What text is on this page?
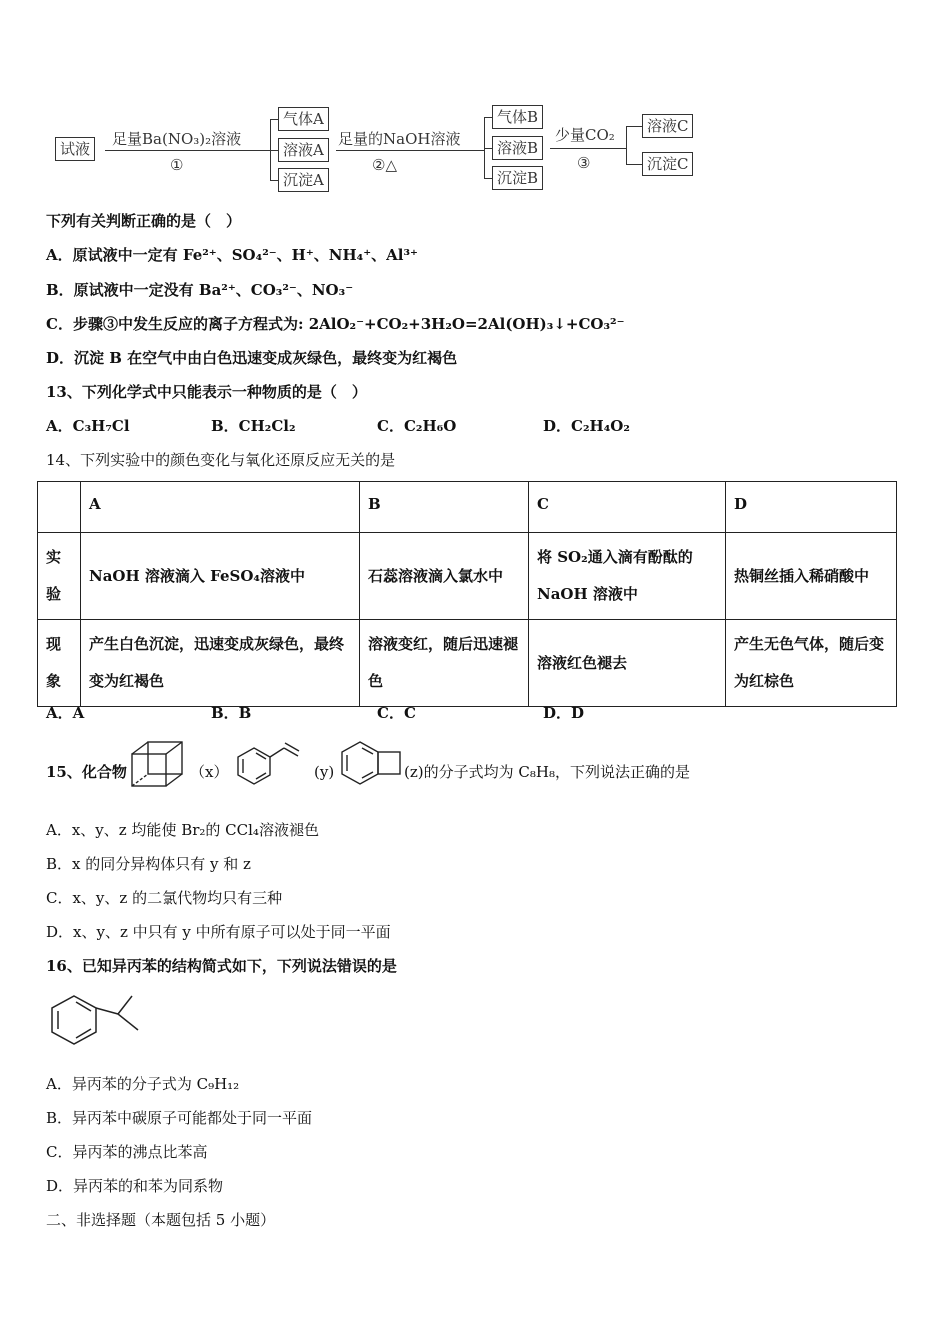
试液
足量Ba(NO₃)₂溶液
①
气体A
溶液A
沉淀A
足量的NaOH溶液
②△
气体B
溶液B
沉淀B
少量CO₂
③
溶液C
沉淀C
下列有关判断正确的是（　）
A．原试液中一定有 Fe²⁺、SO₄²⁻、H⁺、NH₄⁺、Al³⁺
B．原试液中一定没有 Ba²⁺、CO₃²⁻、NO₃⁻
C．步骤③中发生反应的离子方程式为: 2AlO₂⁻+CO₂+3H₂O=2Al(OH)₃↓+CO₃²⁻
D．沉淀 B 在空气中由白色迅速变成灰绿色，最终变为红褐色
13、下列化学式中只能表示一种物质的是（　）
A．C₃H₇Cl	B．CH₂Cl₂	C．C₂H₆O	D．C₂H₄O₂
14、下列实验中的颜色变化与氧化还原反应无关的是
	A	B	C	D
实验	NaOH 溶液滴入 FeSO₄溶液中	石蕊溶液滴入氯水中	将 SO₂通入滴有酚酞的NaOH 溶液中	热铜丝插入稀硝酸中
现象	产生白色沉淀，迅速变成灰绿色，最终变为红褐色	溶液变红，随后迅速褪色	溶液红色褪去	产生无色气体，随后变为红棕色
A．A	B．B	C．C	D．D
15、化合物	（x）	(y)	(z)的分子式均为 C₈H₈，下列说法正确的是
A．x、y、z 均能使 Br₂的 CCl₄溶液褪色
B．x 的同分异构体只有 y 和 z
C．x、y、z 的二氯代物均只有三种
D．x、y、z 中只有 y 中所有原子可以处于同一平面
16、已知异丙苯的结构简式如下，下列说法错误的是
A．异丙苯的分子式为 C₉H₁₂
B．异丙苯中碳原子可能都处于同一平面
C．异丙苯的沸点比苯高
D．异丙苯的和苯为同系物
二、非选择题（本题包括 5 小题）
